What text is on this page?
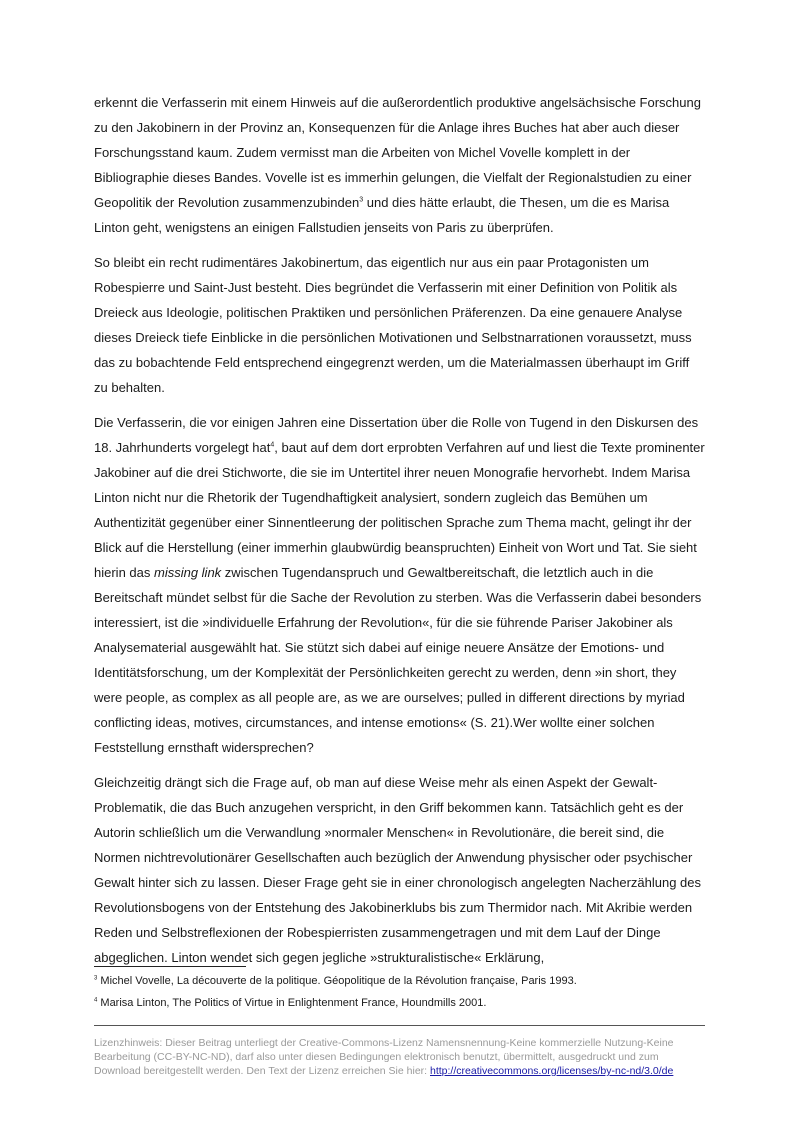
erkennt die Verfasserin mit einem Hinweis auf die außerordentlich produktive angelsächsische Forschung zu den Jakobinern in der Provinz an, Konsequenzen für die Anlage ihres Buches hat aber auch dieser Forschungsstand kaum. Zudem vermisst man die Arbeiten von Michel Vovelle komplett in der Bibliographie dieses Bandes. Vovelle ist es immerhin gelungen, die Vielfalt der Regionalstudien zu einer Geopolitik der Revolution zusammenzubinden$^3$ und dies hätte erlaubt, die Thesen, um die es Marisa Linton geht, wenigstens an einigen Fallstudien jenseits von Paris zu überprüfen.

So bleibt ein recht rudimentäres Jakobinertum, das eigentlich nur aus ein paar Protagonisten um Robespierre und Saint-Just besteht. Dies begründet die Verfasserin mit einer Definition von Politik als Dreieck aus Ideologie, politischen Praktiken und persönlichen Präferenzen. Da eine genauere Analyse dieses Dreieck tiefe Einblicke in die persönlichen Motivationen und Selbstnarrationen voraussetzt, muss das zu bobachtende Feld entsprechend eingegrenzt werden, um die Materialmassen überhaupt im Griff zu behalten.

Die Verfasserin, die vor einigen Jahren eine Dissertation über die Rolle von Tugend in den Diskursen des 18. Jahrhunderts vorgelegt hat$^4$, baut auf dem dort erprobten Verfahren auf und liest die Texte prominenter Jakobiner auf die drei Stichworte, die sie im Untertitel ihrer neuen Monografie hervorhebt. Indem Marisa Linton nicht nur die Rhetorik der Tugendhaftigkeit analysiert, sondern zugleich das Bemühen um Authentizität gegenüber einer Sinnentleerung der politischen Sprache zum Thema macht, gelingt ihr der Blick auf die Herstellung (einer immerhin glaubwürdig beanspruchten) Einheit von Wort und Tat. Sie sieht hierin das missing link zwischen Tugendanspruch und Gewaltbereitschaft, die letztlich auch in die Bereitschaft mündet selbst für die Sache der Revolution zu sterben. Was die Verfasserin dabei besonders interessiert, ist die »individuelle Erfahrung der Revolution«, für die sie führende Pariser Jakobiner als Analysematerial ausgewählt hat. Sie stützt sich dabei auf einige neuere Ansätze der Emotions- und Identitätsforschung, um der Komplexität der Persönlichkeiten gerecht zu werden, denn »in short, they were people, as complex as all people are, as we are ourselves; pulled in different directions by myriad conflicting ideas, motives, circumstances, and intense emotions« (S. 21).Wer wollte einer solchen Feststellung ernsthaft widersprechen?

Gleichzeitig drängt sich die Frage auf, ob man auf diese Weise mehr als einen Aspekt der Gewalt-Problematik, die das Buch anzugehen verspricht, in den Griff bekommen kann. Tatsächlich geht es der Autorin schließlich um die Verwandlung »normaler Menschen« in Revolutionäre, die bereit sind, die Normen nichtrevolutionärer Gesellschaften auch bezüglich der Anwendung physischer oder psychischer Gewalt hinter sich zu lassen. Dieser Frage geht sie in einer chronologisch angelegten Nacherzählung des Revolutionsbogens von der Entstehung des Jakobinerklubs bis zum Thermidor nach. Mit Akribie werden Reden und Selbstreflexionen der Robespierristen zusammengetragen und mit dem Lauf der Dinge abgeglichen. Linton wendet sich gegen jegliche »strukturalistische« Erklärung,

$^3$ Michel Vovelle, La découverte de la politique. Géopolitique de la Révolution française, Paris 1993.

$^4$ Marisa Linton, The Politics of Virtue in Enlightenment France, Houndmills 2001.

Lizenzhinweis: Dieser Beitrag unterliegt der Creative-Commons-Lizenz Namensnennung-Keine kommerzielle Nutzung-Keine Bearbeitung (CC-BY-NC-ND), darf also unter diesen Bedingungen elektronisch benutzt, übermittelt, ausgedruckt und zum Download bereitgestellt werden. Den Text der Lizenz erreichen Sie hier: http://creativecommons.org/licenses/by-nc-nd/3.0/de
